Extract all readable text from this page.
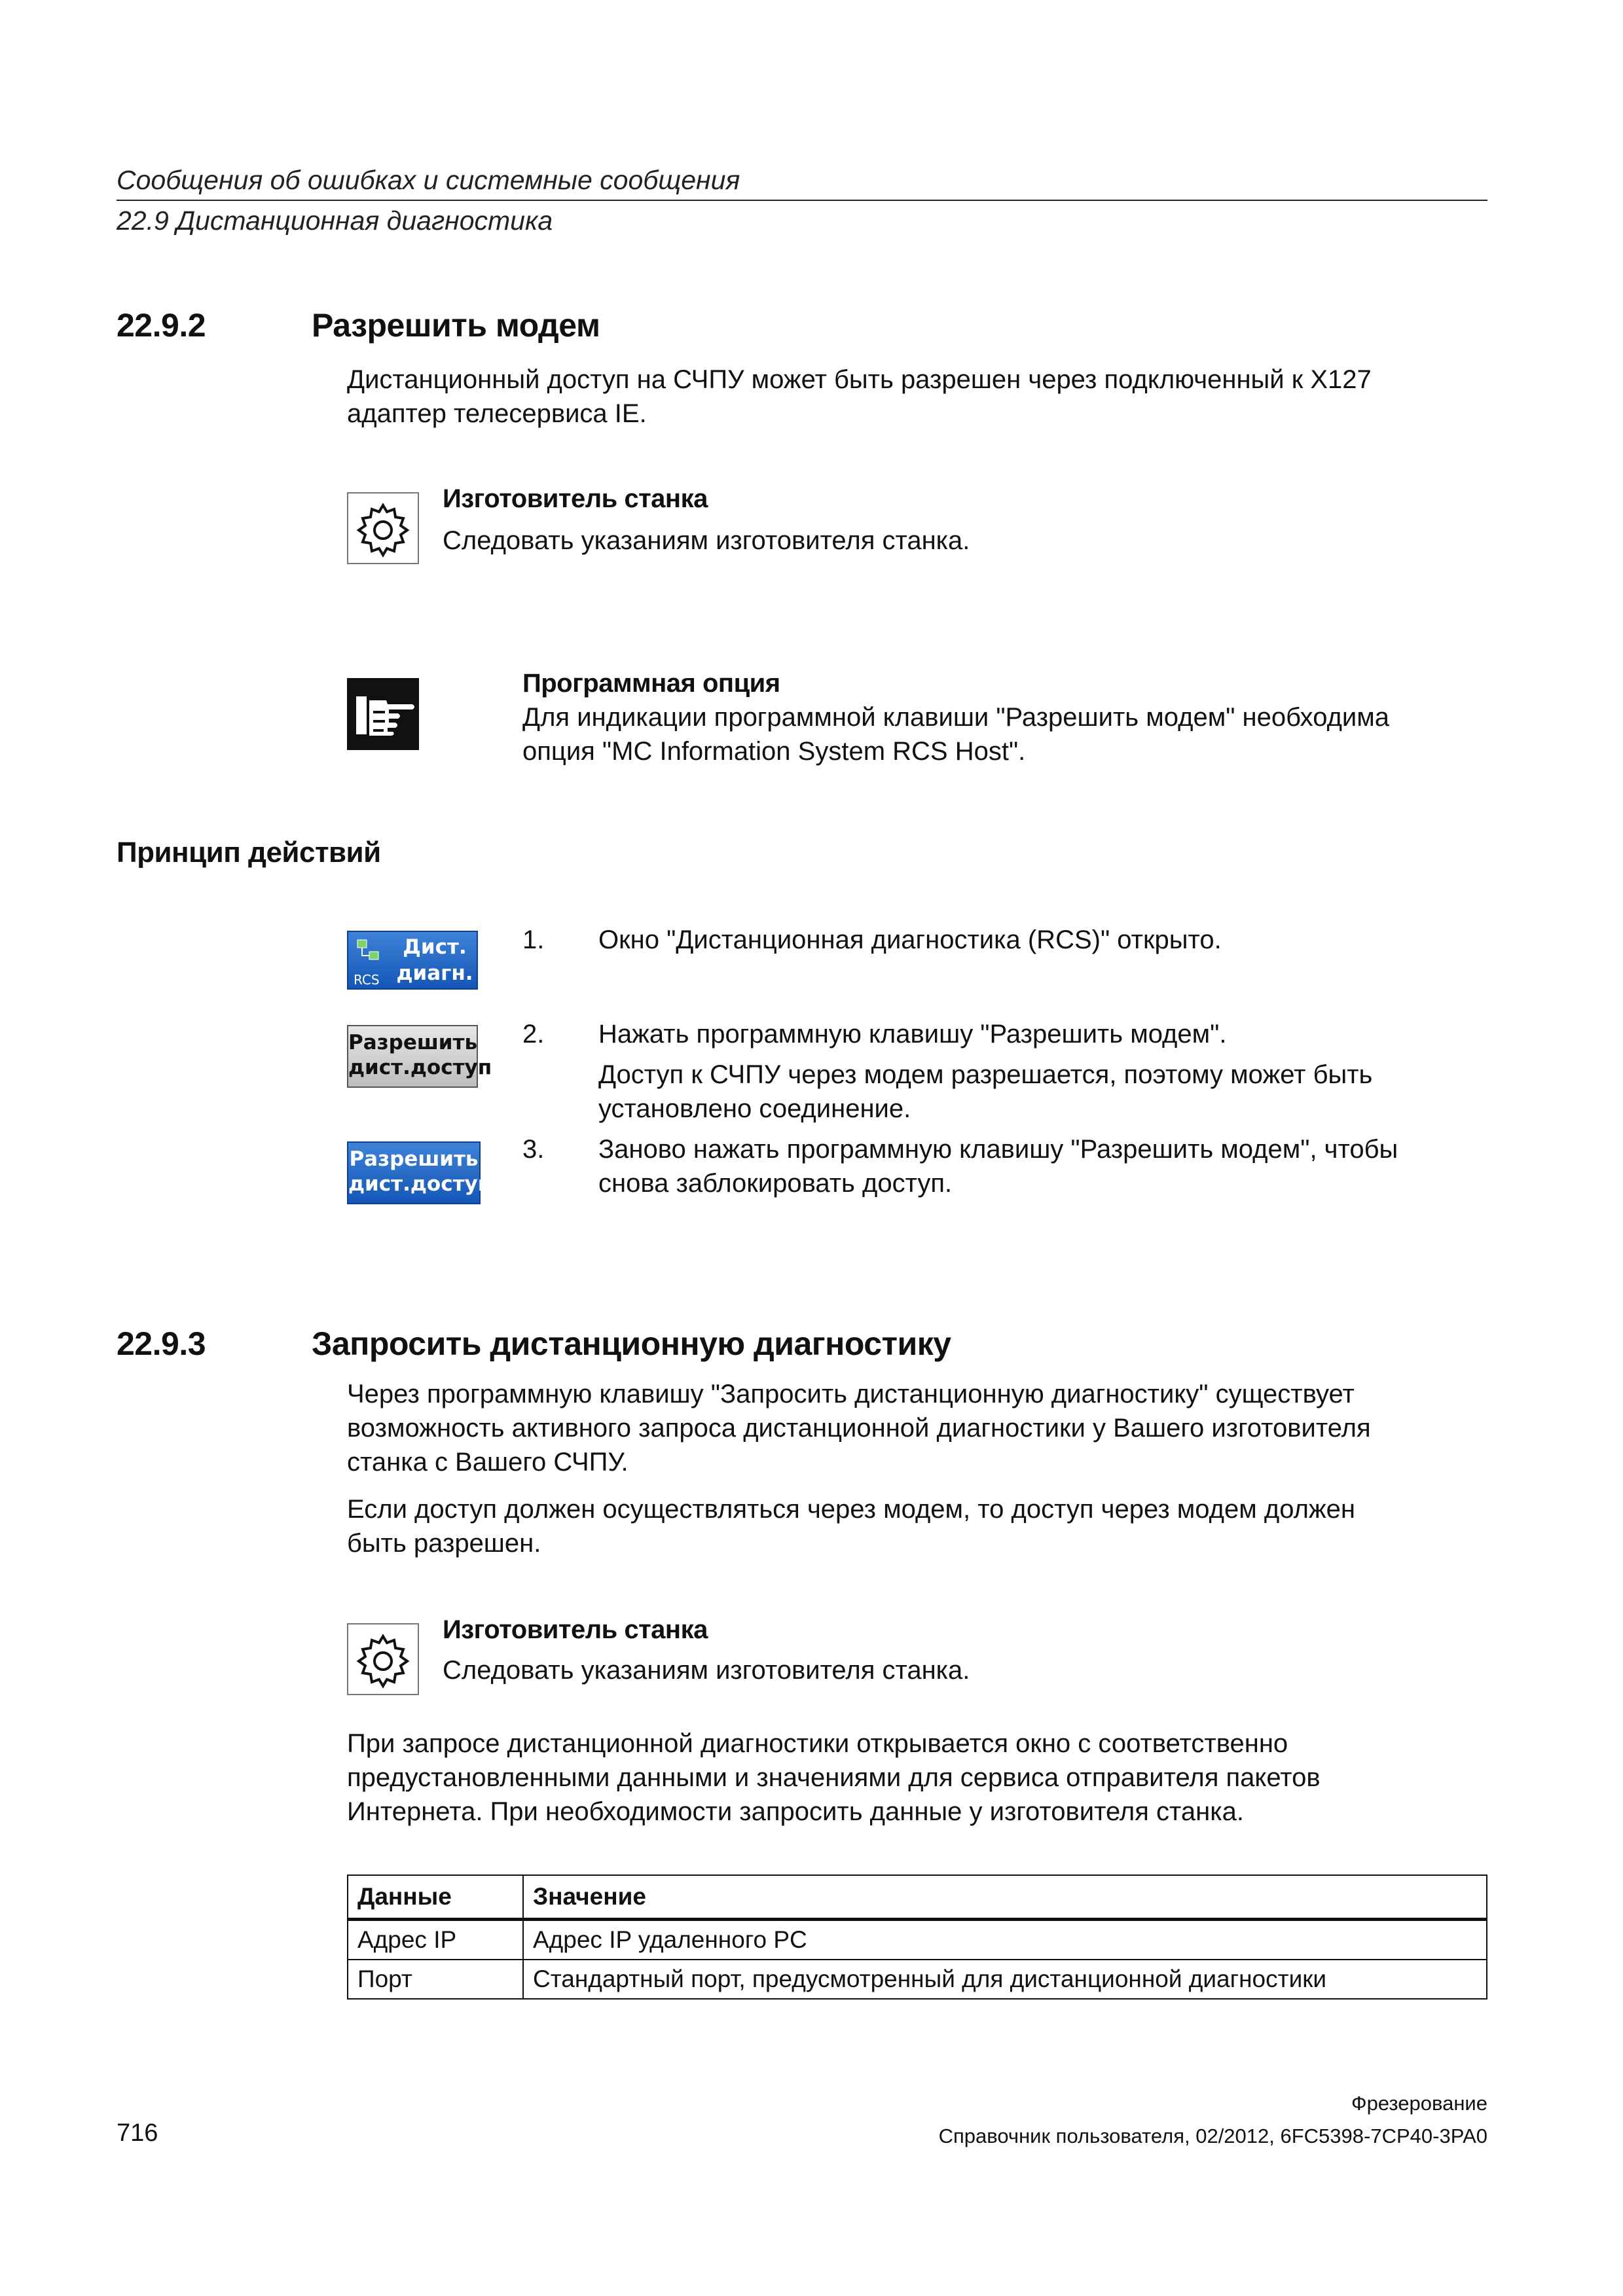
Сообщения об ошибках и системные сообщения
22.9 Дистанционная диагностика
22.9.2	Разрешить модем
Дистанционный доступ на СЧПУ может быть разрешен через подключенный к X127
адаптер телесервиса IE.
Изготовитель станка
Следовать указаниям изготовителя станка.
Программная опция
Для индикации программной клавиши "Разрешить модем" необходима
опция "MC Information System RCS Host".
Принцип действий
RCS
Дист.
диагн.
Разрешить
дист.доступ
Разрешить
дист.доступ
1. Окно "Дистанционная диагностика (RCS)" открыто.
2. Нажать программную клавишу "Разрешить модем".
Доступ к СЧПУ через модем разрешается, поэтому может быть
установлено соединение.
3. Заново нажать программную клавишу "Разрешить модем", чтобы
снова заблокировать доступ.
22.9.3	Запросить дистанционную диагностику
Через программную клавишу "Запросить дистанционную диагностику" существует
возможность активного запроса дистанционной диагностики у Вашего изготовителя
станка с Вашего СЧПУ.
Если доступ должен осуществляться через модем, то доступ через модем должен
быть разрешен.
Изготовитель станка
Следовать указаниям изготовителя станка.
При запросе дистанционной диагностики открывается окно с соответственно
предустановленными данными и значениями для сервиса отправителя пакетов
Интернета. При необходимости запросить данные у изготовителя станка.
Данные	Значение
Адрес IP	Адрес IP удаленного PC
Порт	Стандартный порт, предусмотренный для дистанционной диагностики
Фрезерование
716	Справочник пользователя, 02/2012, 6FC5398-7CP40-3PA0
